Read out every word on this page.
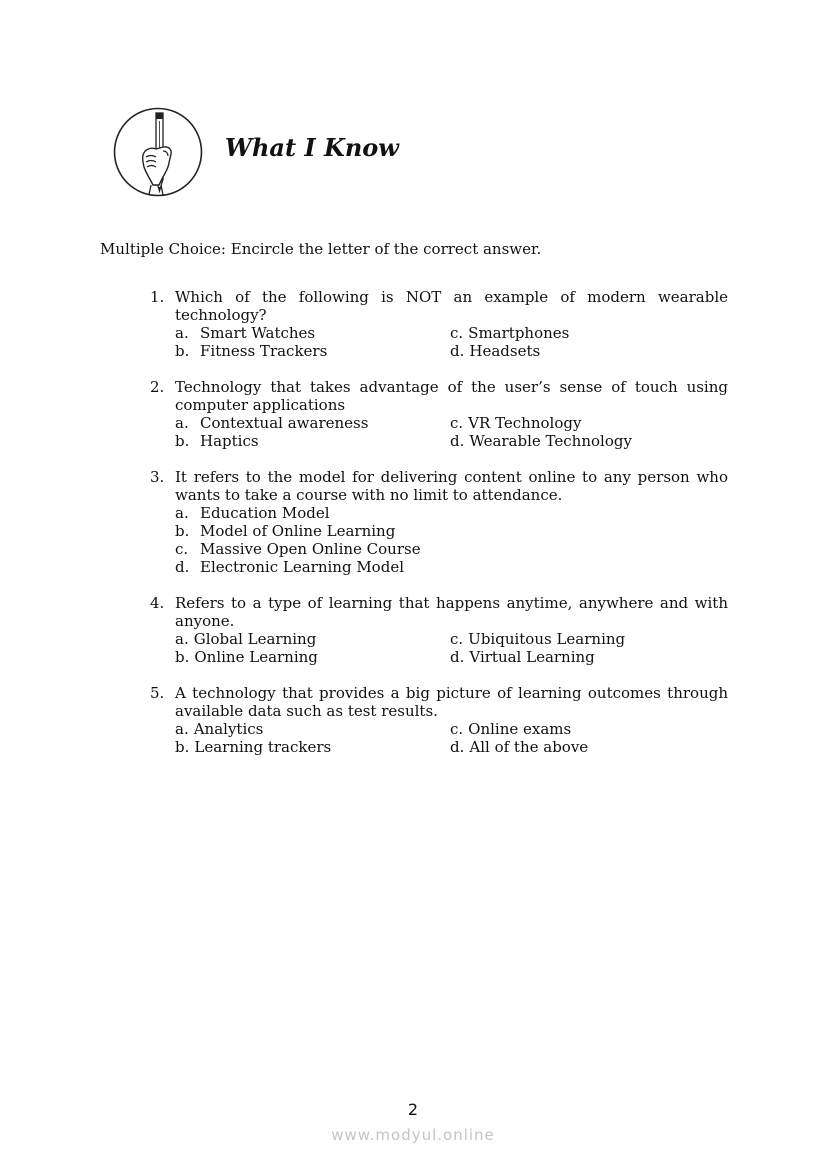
What I Know
Multiple Choice: Encircle the letter of the correct answer.
1. Which of the following is NOT an example of modern wearable technology?
a. Smart Watches	c. Smartphones
b. Fitness Trackers	d. Headsets
2. Technology that takes advantage of the user’s sense of touch using computer applications
a. Contextual awareness	c. VR Technology
b. Haptics	d. Wearable Technology
3. It refers to the model for delivering content online to any person who wants to take a course with no limit to attendance.
a. Education Model
b. Model of Online Learning
c. Massive Open Online Course
d. Electronic Learning Model
4. Refers to a type of learning that happens anytime, anywhere and with anyone.
a. Global Learning	c. Ubiquitous Learning
b. Online Learning	d. Virtual Learning
5. A technology that provides a big picture of learning outcomes through available data such as test results.
a. Analytics	c. Online exams
b. Learning trackers	d. All of the above
2
www.modyul.online
